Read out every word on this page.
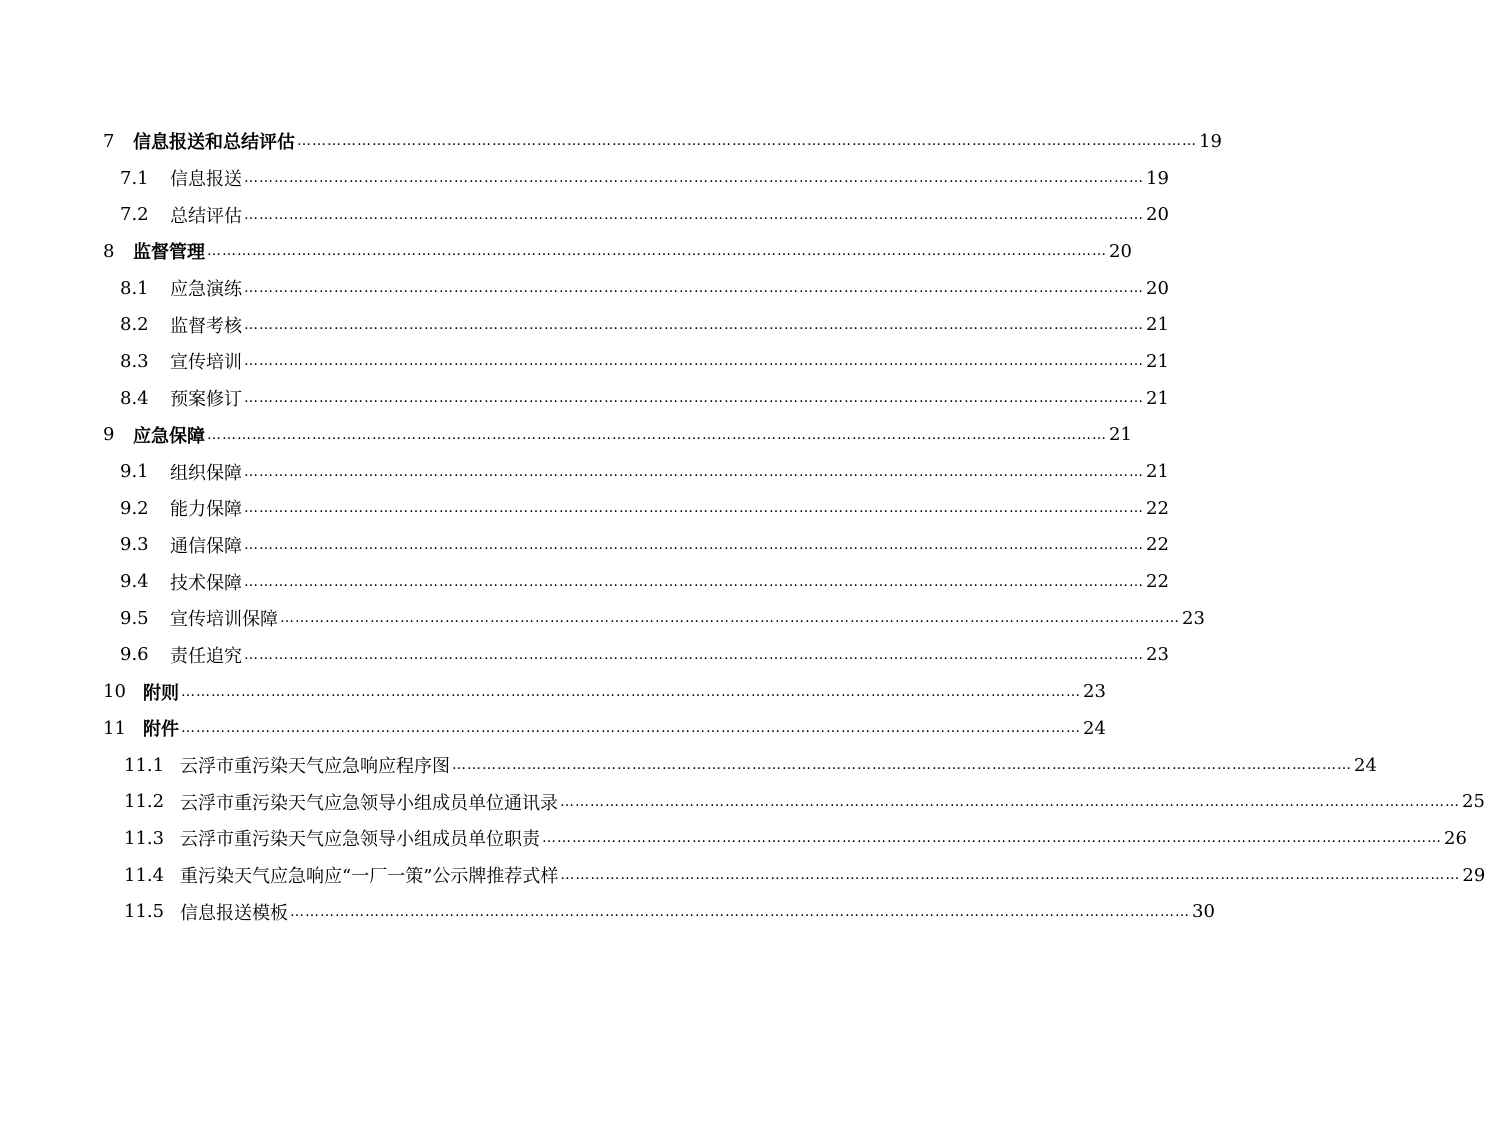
7	信息报送和总结评估 ……………………………………………………………………………………………………………………………………………………………… 19
7.1	信息报送 ……………………………………………………………………………………………………………………………………………………………… 19
7.2	总结评估 ……………………………………………………………………………………………………………………………………………………………… 20
8	监督管理 ……………………………………………………………………………………………………………………………………………………………… 20
8.1	应急演练 ……………………………………………………………………………………………………………………………………………………………… 20
8.2	监督考核 ……………………………………………………………………………………………………………………………………………………………… 21
8.3	宣传培训 ……………………………………………………………………………………………………………………………………………………………… 21
8.4	预案修订 ……………………………………………………………………………………………………………………………………………………………… 21
9	应急保障 ……………………………………………………………………………………………………………………………………………………………… 21
9.1	组织保障 ……………………………………………………………………………………………………………………………………………………………… 21
9.2	能力保障 ……………………………………………………………………………………………………………………………………………………………… 22
9.3	通信保障 ……………………………………………………………………………………………………………………………………………………………… 22
9.4	技术保障 ……………………………………………………………………………………………………………………………………………………………… 22
9.5	宣传培训保障 ……………………………………………………………………………………………………………………………………………………………… 23
9.6	责任追究 ……………………………………………………………………………………………………………………………………………………………… 23
10 附则 ……………………………………………………………………………………………………………………………………………………………… 23
11 附件 ……………………………………………………………………………………………………………………………………………………………… 24
11.1 云浮市重污染天气应急响应程序图 ……………………………………………………………………………………………………………………………………………………………… 24
11.2 云浮市重污染天气应急领导小组成员单位通讯录 ……………………………………………………………………………………………………………………………………………………………… 25
11.3 云浮市重污染天气应急领导小组成员单位职责 ……………………………………………………………………………………………………………………………………………………………… 26
11.4 重污染天气应急响应“一厂一策”公示牌推荐式样 ……………………………………………………………………………………………………………………………………………………………… 29
11.5 信息报送模板 ……………………………………………………………………………………………………………………………………………………………… 30
